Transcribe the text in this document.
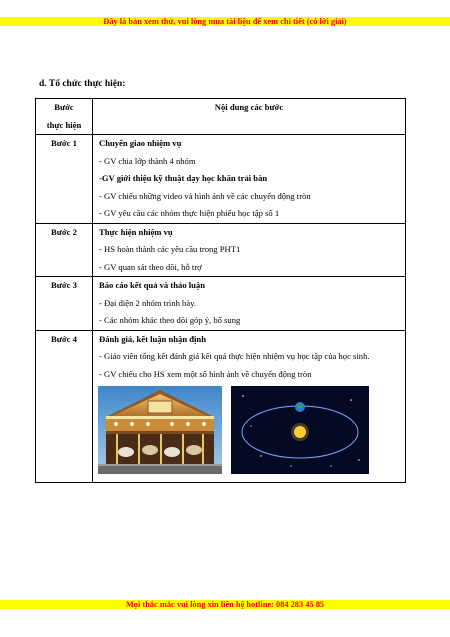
Đây là bản xem thử, vui lòng mua tài liệu để xem chi tiết (có lời giải)
d. Tổ chức thực hiện:
Bước
thực hiện	Nội dung các bước
Bước 1	Chuyển giao nhiệm vụ
- GV chia lớp thành 4 nhóm
-GV giới thiệu kỹ thuật dạy học khăn trải bàn
- GV chiếu những video và hình ảnh về các chuyển động tròn
- GV yêu cầu các nhóm thực hiện phiếu học tập số 1

Bước 2	Thực hiện nhiệm vụ
- HS hoàn thành các yêu cầu trong PHT1
- GV quan sát theo dõi, hỗ trợ

Bước 3	Báo cáo kết quả và thảo luận
- Đại diện 2 nhóm trình bày.
- Các nhóm khác theo dõi góp ý, bổ sung

Bước 4	Đánh giá, kết luận nhận định
- Giáo viên tổng kết đánh giá kết quả thực hiện nhiệm vụ học tập của học sinh.
- GV chiếu cho HS xem một số hình ảnh về chuyển động tròn
Mọi thắc mắc vui lòng xin liên hệ hotline: 084 283 45 85
